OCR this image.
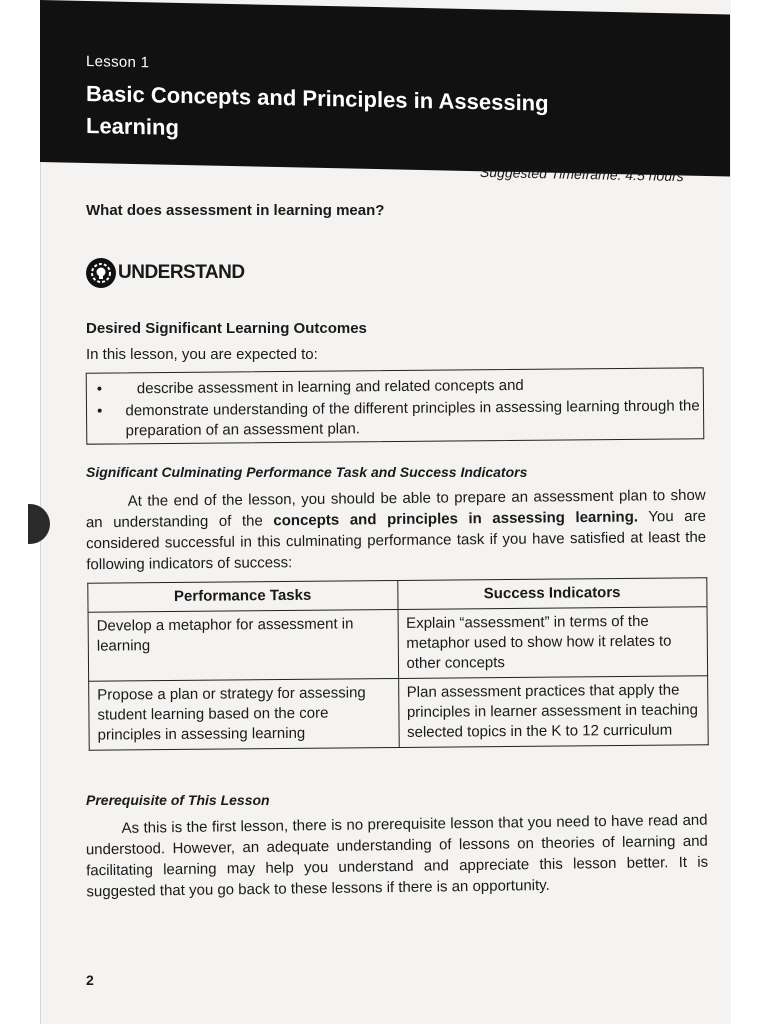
Lesson 1
Basic Concepts and Principles in Assessing Learning
Suggested Timeframe: 4.5 hours
What does assessment in learning mean?
UNDERSTAND
Desired Significant Learning Outcomes
In this lesson, you are expected to:
•	describe assessment in learning and related concepts and
•	demonstrate understanding of the different principles in assessing learning through the preparation of an assessment plan.
Significant Culminating Performance Task and Success Indicators
At the end of the lesson, you should be able to prepare an assessment plan to show an understanding of the concepts and principles in assessing learning. You are considered successful in this culminating performance task if you have satisfied at least the following indicators of success:
Performance Tasks	Success Indicators
Develop a metaphor for assessment in learning	Explain “assessment” in terms of the metaphor used to show how it relates to other concepts
Propose a plan or strategy for assessing student learning based on the core principles in assessing learning	Plan assessment practices that apply the principles in learner assessment in teaching selected topics in the K to 12 curriculum
Prerequisite of This Lesson
As this is the first lesson, there is no prerequisite lesson that you need to have read and understood. However, an adequate understanding of lessons on theories of learning and facilitating learning may help you understand and appreciate this lesson better. It is suggested that you go back to these lessons if there is an opportunity.
2
